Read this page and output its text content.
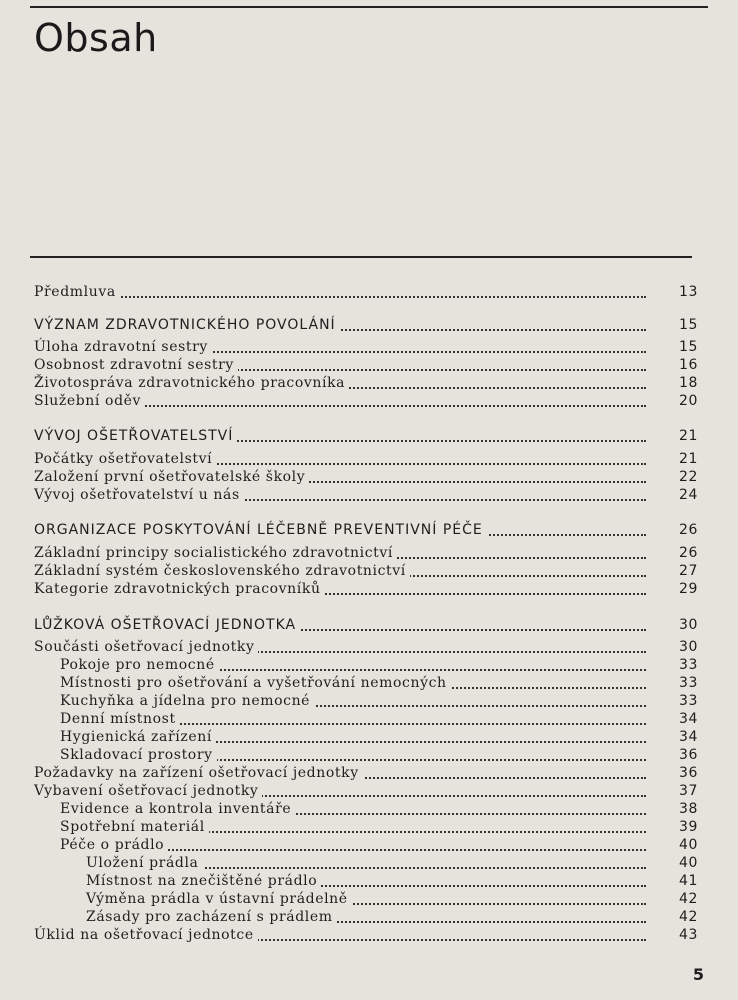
Obsah
Předmluva	13
VÝZNAM ZDRAVOTNICKÉHO POVOLÁNÍ	15
Úloha zdravotní sestry	15
Osobnost zdravotní sestry	16
Životospráva zdravotnického pracovníka	18
Služební oděv	20
VÝVOJ OŠETŘOVATELSTVÍ	21
Počátky ošetřovatelství	21
Založení první ošetřovatelské školy	22
Vývoj ošetřovatelství u nás	24
ORGANIZACE POSKYTOVÁNÍ LÉČEBNĚ PREVENTIVNÍ PÉČE	26
Základní principy socialistického zdravotnictví	26
Základní systém československého zdravotnictví	27
Kategorie zdravotnických pracovníků	29
LŮŽKOVÁ OŠETŘOVACÍ JEDNOTKA	30
Součásti ošetřovací jednotky	30
Pokoje pro nemocné	33
Místnosti pro ošetřování a vyšetřování nemocných	33
Kuchyňka a jídelna pro nemocné	33
Denní místnost	34
Hygienická zařízení	34
Skladovací prostory	36
Požadavky na zařízení ošetřovací jednotky	36
Vybavení ošetřovací jednotky	37
Evidence a kontrola inventáře	38
Spotřební materiál	39
Péče o prádlo	40
Uložení prádla	40
Místnost na znečištěné prádlo	41
Výměna prádla v ústavní prádelně	42
Zásady pro zacházení s prádlem	42
Úklid na ošetřovací jednotce	43
5
